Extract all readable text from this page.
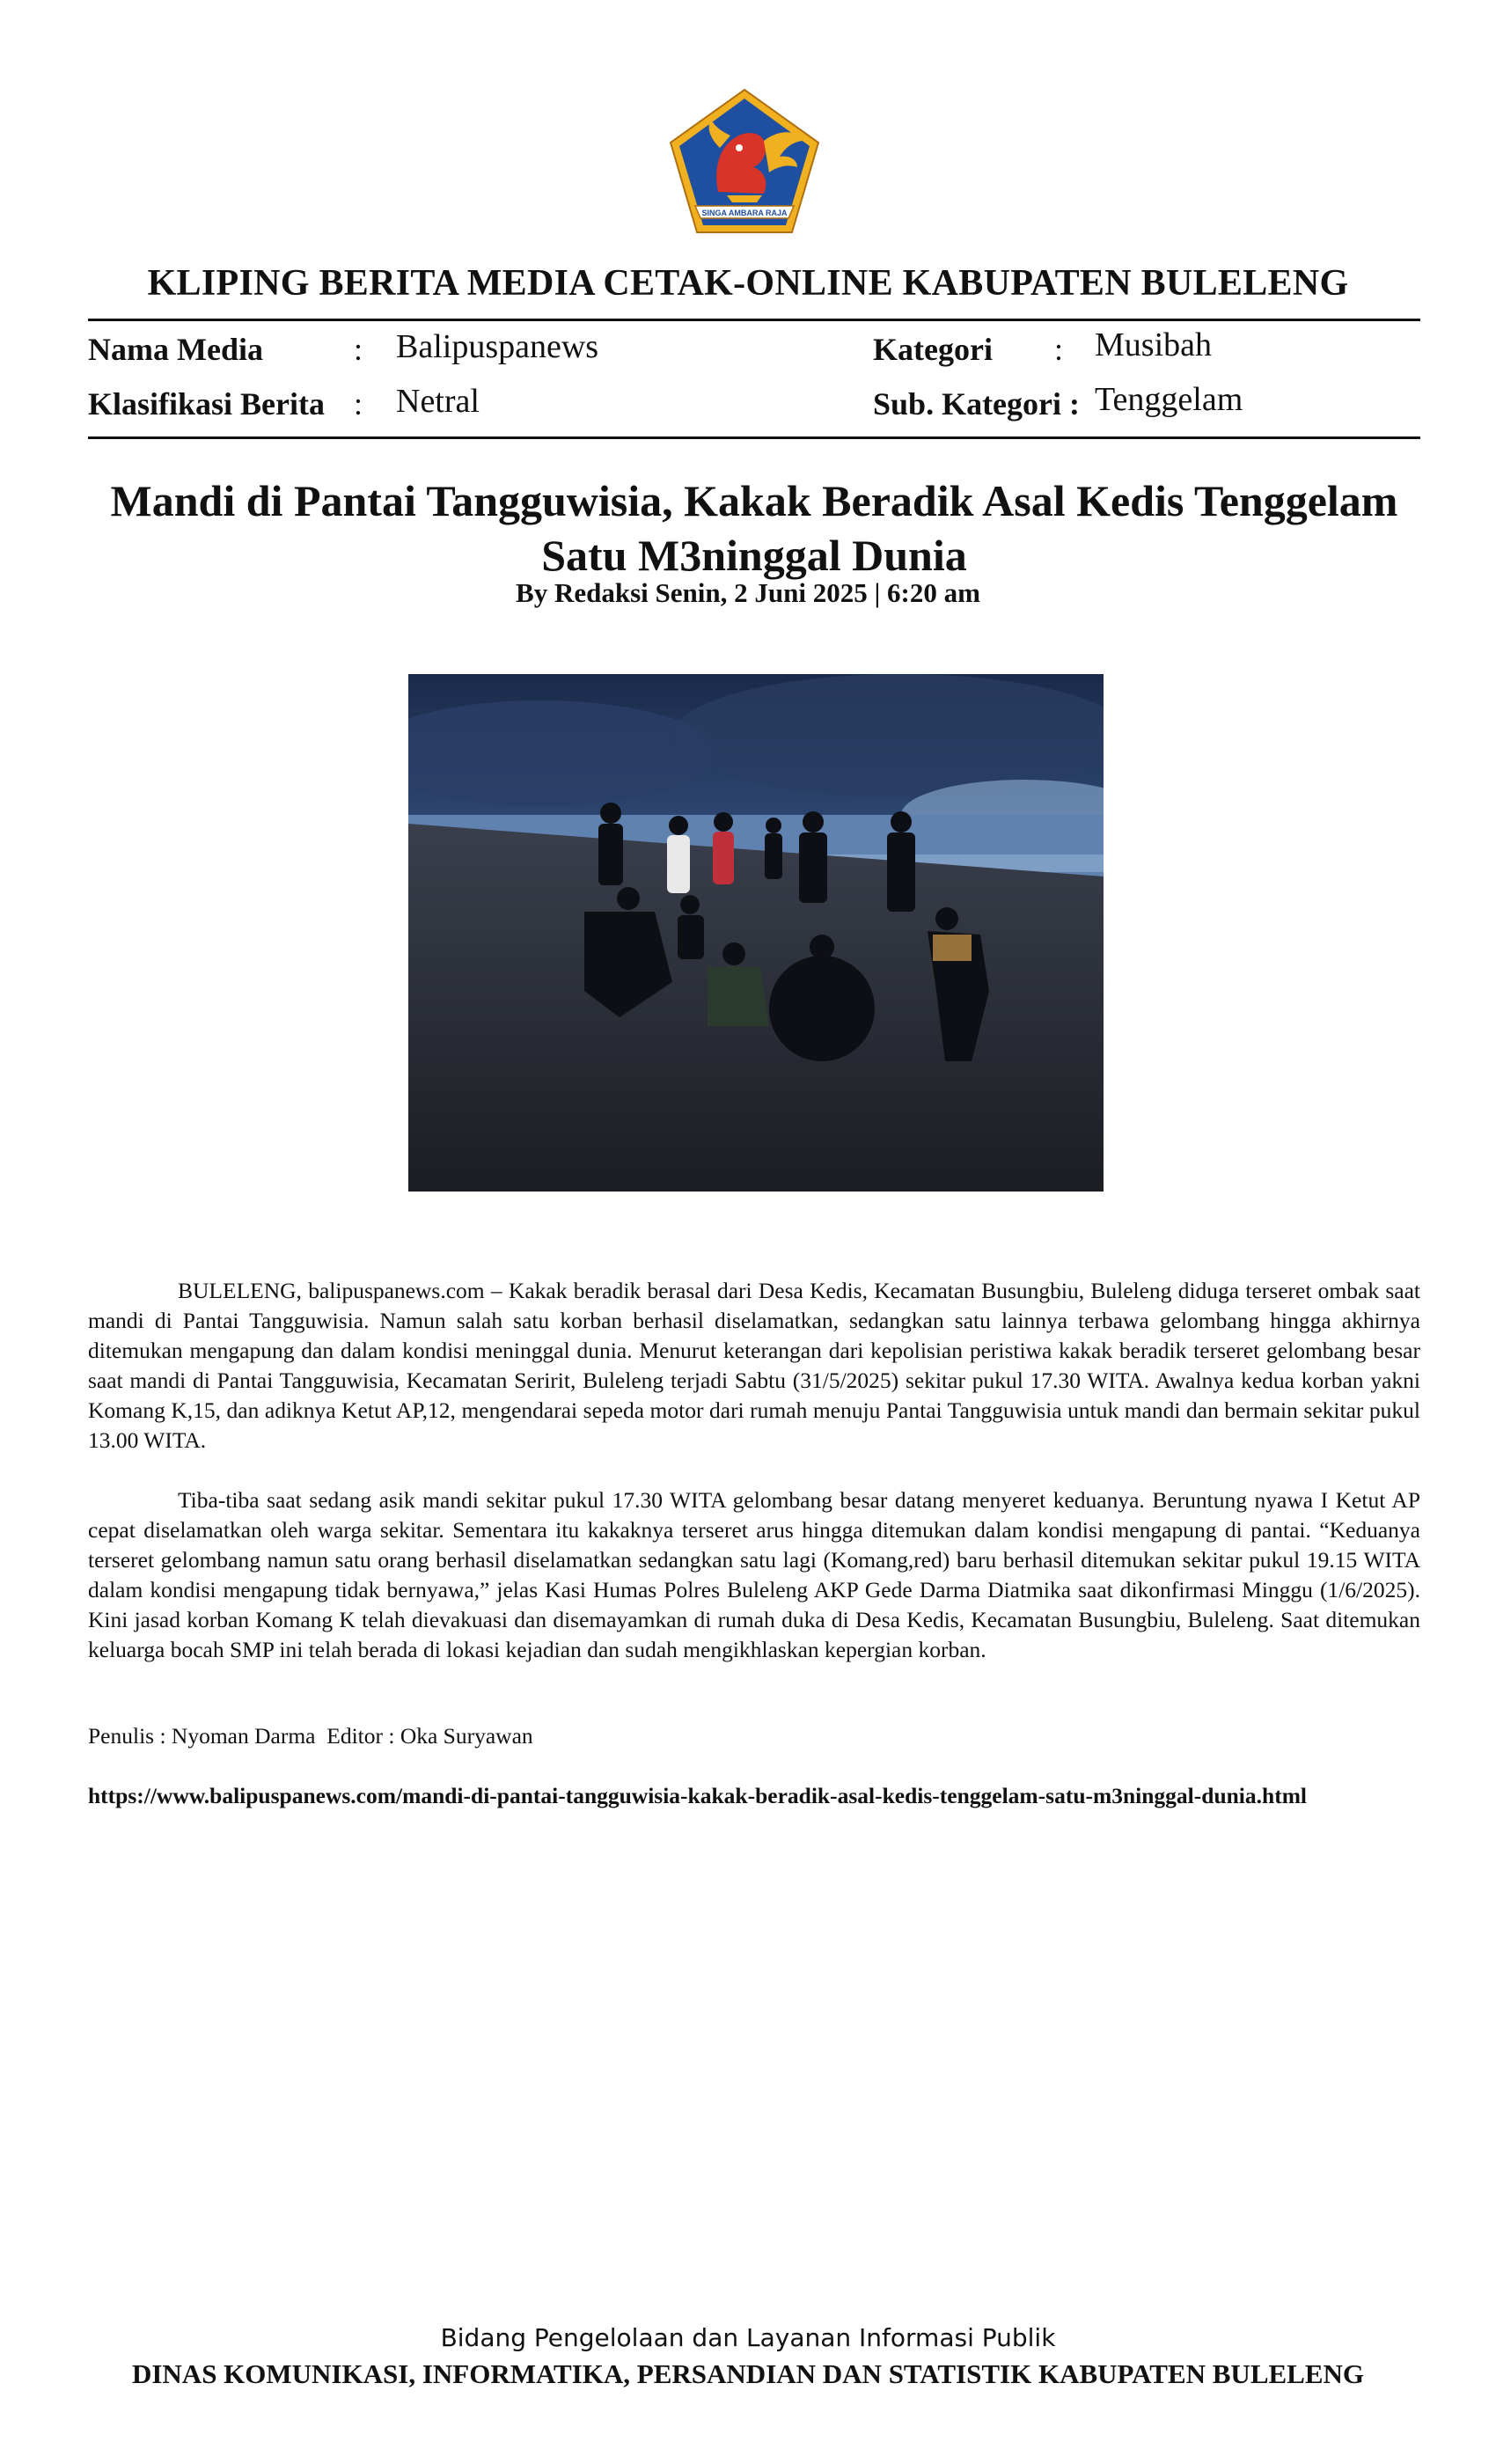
SINGA AMBARA RAJA
KLIPING BERITA MEDIA CETAK-ONLINE KABUPATEN BULELENG
Nama Media	: Balipuspanews
Klasifikasi Berita : Netral
Kategori : Musibah
Sub. Kategori : Tenggelam
Mandi di Pantai Tangguwisia, Kakak Beradik Asal Kedis Tenggelam
Satu M3ninggal Dunia
By Redaksi Senin, 2 Juni 2025 | 6:20 am
BULELENG, balipuspanews.com – Kakak beradik berasal dari Desa Kedis, Kecamatan Busungbiu, Buleleng diduga terseret ombak saat mandi di Pantai Tangguwisia. Namun salah satu korban berhasil diselamatkan, sedangkan satu lainnya terbawa gelombang hingga akhirnya ditemukan mengapung dan dalam kondisi meninggal dunia. Menurut keterangan dari kepolisian peristiwa kakak beradik terseret gelombang besar saat mandi di Pantai Tangguwisia, Kecamatan Seririt, Buleleng terjadi Sabtu (31/5/2025) sekitar pukul 17.30 WITA. Awalnya kedua korban yakni Komang K,15, dan adiknya Ketut AP,12, mengendarai sepeda motor dari rumah menuju Pantai Tangguwisia untuk mandi dan bermain sekitar pukul 13.00 WITA.
Tiba-tiba saat sedang asik mandi sekitar pukul 17.30 WITA gelombang besar datang menyeret keduanya. Beruntung nyawa I Ketut AP cepat diselamatkan oleh warga sekitar. Sementara itu kakaknya terseret arus hingga ditemukan dalam kondisi mengapung di pantai. “Keduanya terseret gelombang namun satu orang berhasil diselamatkan sedangkan satu lagi (Komang,red) baru berhasil ditemukan sekitar pukul 19.15 WITA dalam kondisi mengapung tidak bernyawa,” jelas Kasi Humas Polres Buleleng AKP Gede Darma Diatmika saat dikonfirmasi Minggu (1/6/2025). Kini jasad korban Komang K telah dievakuasi dan disemayamkan di rumah duka di Desa Kedis, Kecamatan Busungbiu, Buleleng. Saat ditemukan keluarga bocah SMP ini telah berada di lokasi kejadian dan sudah mengikhlaskan kepergian korban.
Penulis : Nyoman Darma  Editor : Oka Suryawan
https://www.balipuspanews.com/mandi-di-pantai-tangguwisia-kakak-beradik-asal-kedis-tenggelam-satu-m3ninggal-dunia.html
Bidang Pengelolaan dan Layanan Informasi Publik
DINAS KOMUNIKASI, INFORMATIKA, PERSANDIAN DAN STATISTIK KABUPATEN BULELENG
